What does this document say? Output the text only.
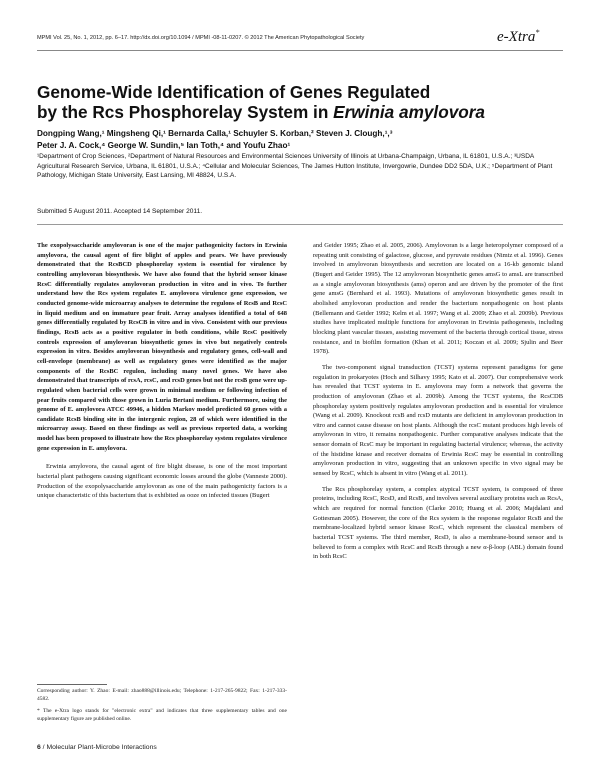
MPMI Vol. 25, No. 1, 2012, pp. 6–17. http://dx.doi.org/10.1094 / MPMI -08-11-0207. © 2012 The American Phytopathological Society	e-Xtra*
Genome-Wide Identification of Genes Regulated
by the Rcs Phosphorelay System in Erwinia amylovora
Dongping Wang,¹ Mingsheng Qi,¹ Bernarda Calla,¹ Schuyler S. Korban,² Steven J. Clough,¹,³
Peter J. A. Cock,⁴ George W. Sundin,⁵ Ian Toth,⁴ and Youfu Zhao¹
¹Department of Crop Sciences, ²Department of Natural Resources and Environmental Sciences University of Illinois at Urbana-Champaign, Urbana, IL 61801, U.S.A.; ³USDA Agricultural Research Service, Urbana, IL 61801, U.S.A.; ⁴Cellular and Molecular Sciences, The James Hutton Institute, Invergowrie, Dundee DD2 5DA, U.K.; ⁵Department of Plant Pathology, Michigan State University, East Lansing, MI 48824, U.S.A.
Submitted 5 August 2011. Accepted 14 September 2011.

The exopolysaccharide amylovoran is one of the major pathogenicity factors in Erwinia amylovora, the causal agent of fire blight of apples and pears. We have previously demonstrated that the RcsBCD phosphorelay system is essential for virulence by controlling amylovoran biosynthesis. We have also found that the hybrid sensor kinase RcsC differentially regulates amylovoran production in vitro and in vivo. To further understand how the Rcs system regulates E. amylovora virulence gene expression, we conducted genome-wide microarray analyses to determine the regulons of RcsB and RcsC in liquid medium and on immature pear fruit. Array analyses identified a total of 648 genes differentially regulated by RcsCB in vitro and in vivo. Consistent with our previous findings, RcsB acts as a positive regulator in both conditions, while RcsC positively controls expression of amylovoran biosynthetic genes in vivo but negatively controls expression in vitro. Besides amylovoran biosynthesis and regulatory genes, cell-wall and cell-envelope (membrane) as well as regulatory genes were identified as the major components of the RcsBC regulon, including many novel genes. We have also demonstrated that transcripts of rcsA, rcsC, and rcsD genes but not the rcsB gene were up-regulated when bacterial cells were grown in minimal medium or following infection of pear fruits compared with those grown in Luria Bertani medium. Furthermore, using the genome of E. amylovora ATCC 49946, a hidden Markov model predicted 60 genes with a candidate RcsB binding site in the intergenic region, 28 of which were identified in the microarray assay. Based on these findings as well as previous reported data, a working model has been proposed to illustrate how the Rcs phosphorelay system regulates virulence gene expression in E. amylovora.

Erwinia amylovora, the causal agent of fire blight disease, is one of the most important bacterial plant pathogens causing significant economic losses around the globe (Vanneste 2000). Production of the exopolysaccharide amylovoran as one of the main pathogenicity factors is a unique characteristic of this bacterium that is exhibited as ooze on infected tissues (Bugert

and Geider 1995; Zhao et al. 2005, 2006). Amylovoran is a large heteropolymer composed of a repeating unit consisting of galactose, glucose, and pyruvate residues (Nimtz et al. 1996). Genes involved in amylovoran biosynthesis and secretion are located on a 16-kb genomic island (Bugert and Geider 1995). The 12 amylovoran biosynthetic genes amsG to amsL are transcribed as a single amylovoran biosynthesis (ams) operon and are driven by the promoter of the first gene amsG (Bernhard et al. 1993). Mutations of amylovoran biosynthetic genes result in abolished amylovoran production and render the bacterium nonpathogenic on host plants (Bellemann and Geider 1992; Kelm et al. 1997; Wang et al. 2009; Zhao et al. 2009b). Previous studies have implicated multiple functions for amylovoran in Erwinia pathogenesis, including blocking plant vascular tissues, assisting movement of the bacteria through cortical tissue, stress resistance, and in biofilm formation (Khan et al. 2011; Koczan et al. 2009; Sjulin and Beer 1978).

The two-component signal transduction (TCST) systems represent paradigms for gene regulation in prokaryotes (Hoch and Silhavy 1995; Kato et al. 2007). Our comprehensive work has revealed that TCST systems in E. amylovora may form a network that governs the production of amylovoran (Zhao et al. 2009b). Among the TCST systems, the RcsCDB phosphorelay system positively regulates amylovoran production and is essential for virulence (Wang et al. 2009). Knockout rcsB and rcsD mutants are deficient in amylovoran production in vitro and cannot cause disease on host plants. Although the rcsC mutant produces high levels of amylovoran in vitro, it remains nonpathogenic. Further comparative analyses indicate that the sensor domain of RcsC may be important in regulating bacterial virulence; whereas, the activity of the histidine kinase and receiver domains of Erwinia RcsC may be essential in controlling amylovoran production in vitro, suggesting that an unknown specific in vivo signal may be sensed by RcsC, which is absent in vitro (Wang et al. 2011).

The Rcs phosphorelay system, a complex atypical TCST system, is composed of three proteins, including RcsC, RcsD, and RcsB, and involves several auxiliary proteins such as RcsA, which are required for normal function (Clarke 2010; Huang et al. 2006; Majdalani and Gottesman 2005). However, the core of the Rcs system is the response regulator RcsB and the membrane-localized hybrid sensor kinase RcsC, which represent the classical members of bacterial TCST systems. The third member, RcsD, is also a membrane-bound sensor and is believed to form a complex with RcsC and RcsB through a new α-β-loop (ABL) domain found in both RcsC

Corresponding author: Y. Zhao: E-mail: zhao888@illinois.edu; Telephone: 1-217-265-9822; Fax: 1-217-333-4582.

* The e-Xtra logo stands for "electronic extra" and indicates that three supplementary tables and one supplementary figure are published online.

6 / Molecular Plant-Microbe Interactions
